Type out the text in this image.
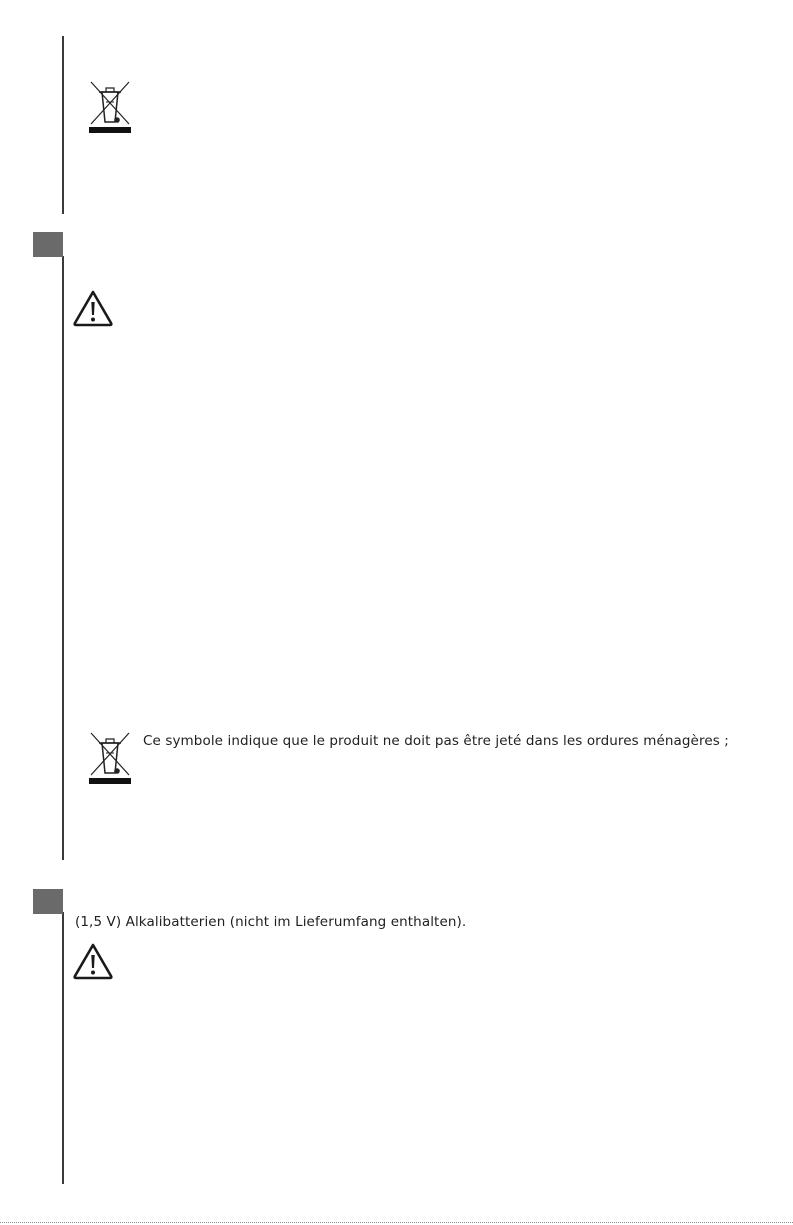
Ce symbole indique que le produit ne doit pas être jeté dans les ordures ménagères ;
(1,5 V) Alkalibatterien (nicht im Lieferumfang enthalten).
